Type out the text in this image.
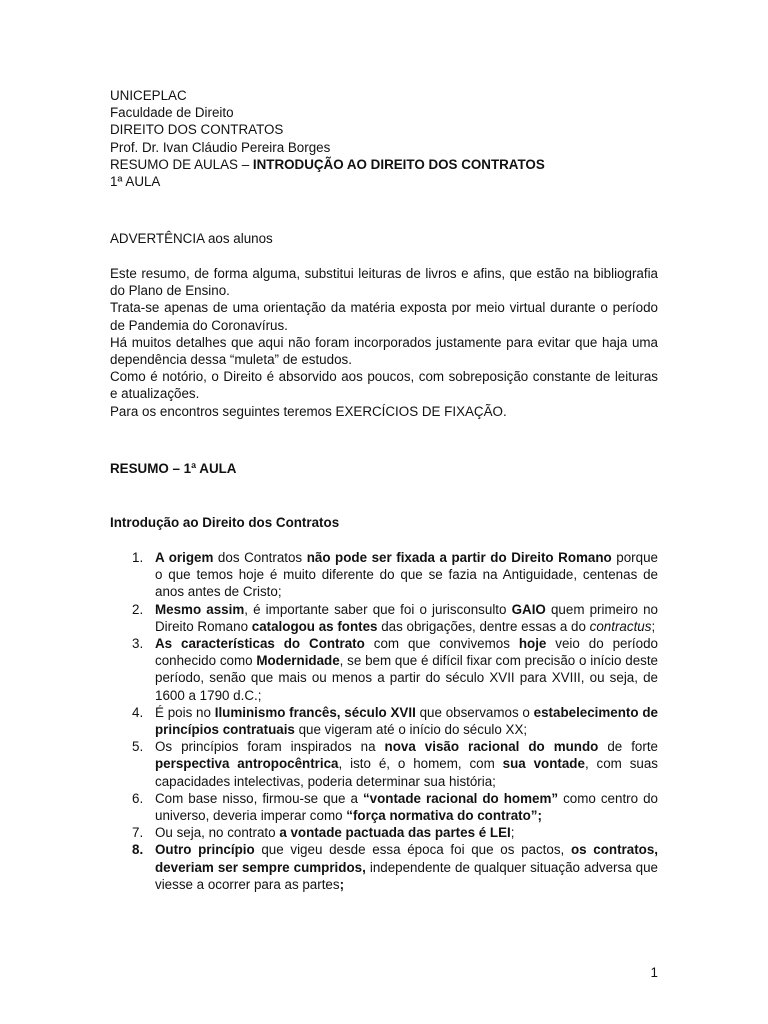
UNICEPLAC
Faculdade de Direito
DIREITO DOS CONTRATOS
Prof. Dr. Ivan Cláudio Pereira Borges
RESUMO DE AULAS – INTRODUÇÃO AO DIREITO DOS CONTRATOS
1ª AULA
ADVERTÊNCIA aos alunos
Este resumo, de forma alguma, substitui leituras de livros e afins, que estão na bibliografia do Plano de Ensino.
Trata-se apenas de uma orientação da matéria exposta por meio virtual durante o período de Pandemia do Coronavírus.
Há muitos detalhes que aqui não foram incorporados justamente para evitar que haja uma dependência dessa “muleta” de estudos.
Como é notório, o Direito é absorvido aos poucos, com sobreposição constante de leituras e atualizações.
Para os encontros seguintes teremos EXERCÍCIOS DE FIXAÇÃO.
RESUMO – 1ª AULA
Introdução ao Direito dos Contratos
1. A origem dos Contratos não pode ser fixada a partir do Direito Romano porque o que temos hoje é muito diferente do que se fazia na Antiguidade, centenas de anos antes de Cristo;
2. Mesmo assim, é importante saber que foi o jurisconsulto GAIO quem primeiro no Direito Romano catalogou as fontes das obrigações, dentre essas a do contractus;
3. As características do Contrato com que convivemos hoje veio do período conhecido como Modernidade, se bem que é difícil fixar com precisão o início deste período, senão que mais ou menos a partir do século XVII para XVIII, ou seja, de 1600 a 1790 d.C.;
4. É pois no Iluminismo francês, século XVII que observamos o estabelecimento de princípios contratuais que vigeram até o início do século XX;
5. Os princípios foram inspirados na nova visão racional do mundo de forte perspectiva antropocêntrica, isto é, o homem, com sua vontade, com suas capacidades intelectivas, poderia determinar sua história;
6. Com base nisso, firmou-se que a “vontade racional do homem” como centro do universo, deveria imperar como “força normativa do contrato”;
7. Ou seja, no contrato a vontade pactuada das partes é LEI;
8. Outro princípio que vigeu desde essa época foi que os pactos, os contratos, deveriam ser sempre cumpridos, independente de qualquer situação adversa que viesse a ocorrer para as partes;
1
